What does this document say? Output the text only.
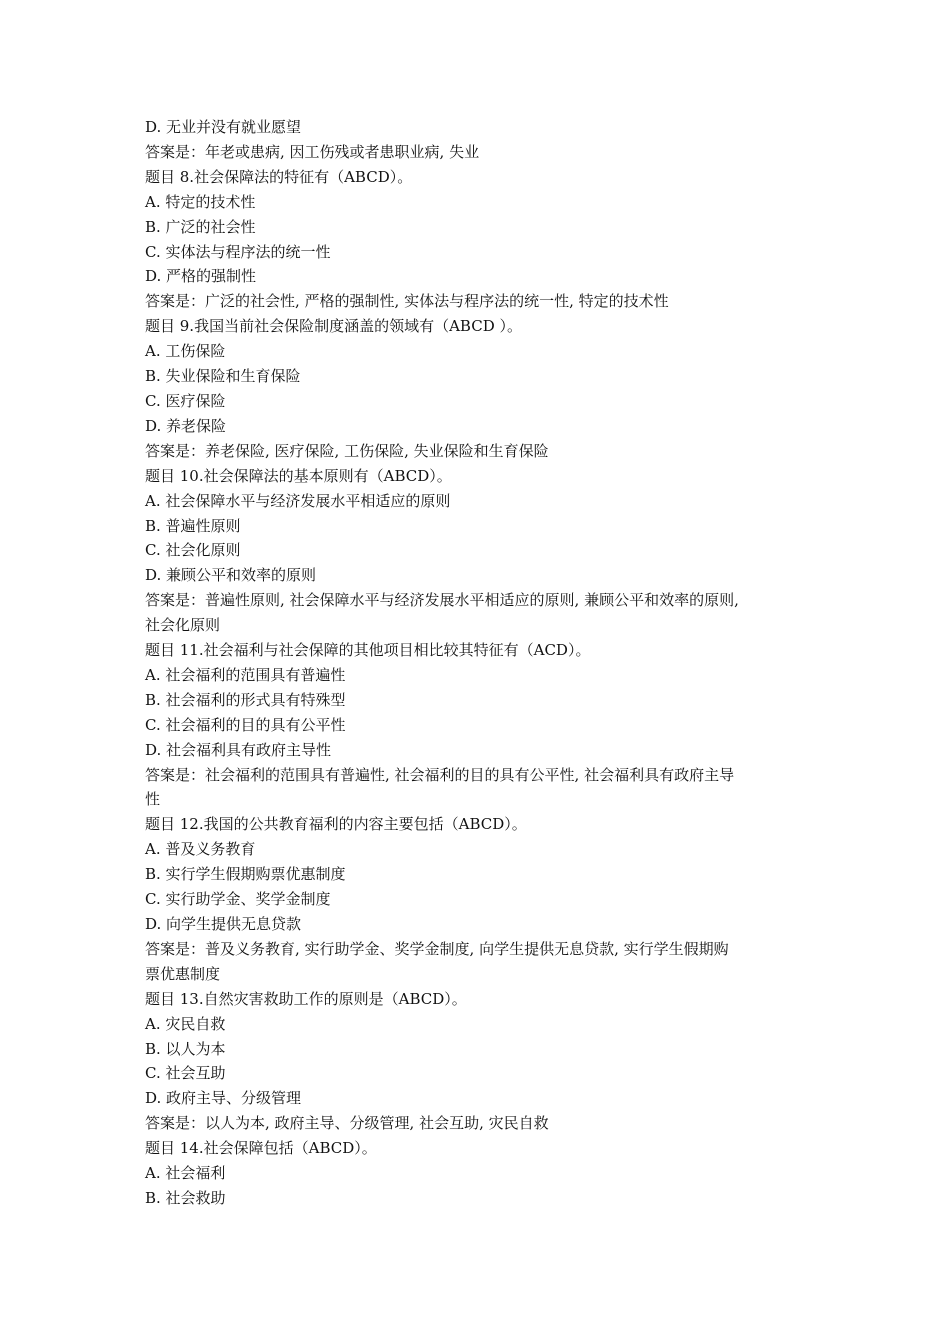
D. 无业并没有就业愿望

答案是：年老或患病, 因工伤残或者患职业病, 失业

题目 8.社会保障法的特征有（ABCD）。

A. 特定的技术性

B. 广泛的社会性

C. 实体法与程序法的统一性

D. 严格的强制性

答案是：广泛的社会性, 严格的强制性, 实体法与程序法的统一性, 特定的技术性

题目 9.我国当前社会保险制度涵盖的领域有（ABCD ）。

A. 工伤保险

B. 失业保险和生育保险

C. 医疗保险

D. 养老保险

答案是：养老保险, 医疗保险, 工伤保险, 失业保险和生育保险

题目 10.社会保障法的基本原则有（ABCD）。

A. 社会保障水平与经济发展水平相适应的原则

B. 普遍性原则

C. 社会化原则

D. 兼顾公平和效率的原则

答案是：普遍性原则, 社会保障水平与经济发展水平相适应的原则, 兼顾公平和效率的原则,

社会化原则

题目 11.社会福利与社会保障的其他项目相比较其特征有（ACD）。

A. 社会福利的范围具有普遍性

B. 社会福利的形式具有特殊型

C. 社会福利的目的具有公平性

D. 社会福利具有政府主导性

答案是：社会福利的范围具有普遍性, 社会福利的目的具有公平性, 社会福利具有政府主导

性

题目 12.我国的公共教育福利的内容主要包括（ABCD）。

A. 普及义务教育

B. 实行学生假期购票优惠制度

C. 实行助学金、奖学金制度

D. 向学生提供无息贷款

答案是：普及义务教育, 实行助学金、奖学金制度, 向学生提供无息贷款, 实行学生假期购

票优惠制度

题目 13.自然灾害救助工作的原则是（ABCD）。

A. 灾民自救

B. 以人为本

C. 社会互助

D. 政府主导、分级管理

答案是：以人为本, 政府主导、分级管理, 社会互助, 灾民自救

题目 14.社会保障包括（ABCD）。

A. 社会福利

B. 社会救助
